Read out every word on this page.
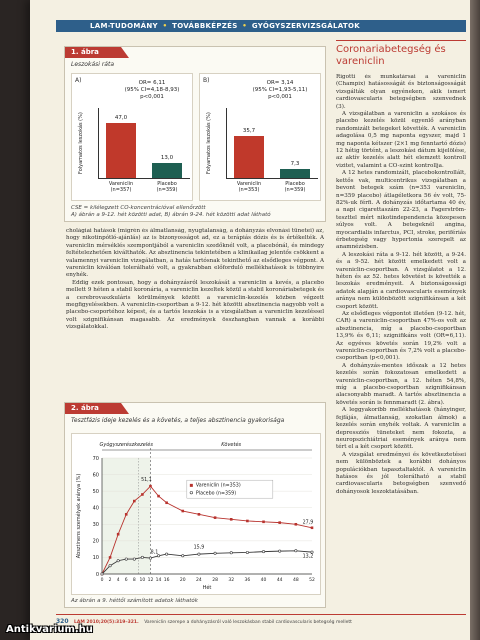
LAM-TUDOMÁNY • TOVÁBBKÉPZÉS • GYÓGYSZERVIZSGÁLATOK
1. ábra
Leszokási ráta
A)	OR= 6,11
(95% CI=4,18-8,93)
p<0,001
Folyamatos leszokás (%)	47,0
13,0
Vareniclin
(n=357)
Placebo
(n=359)
B)	OR= 3,14
(95% CI=1,93-5,11)
p<0,001
Folyamatos leszokás (%)	35,7
7,3
Vareniclin
(n=353)
Placebo
(n=359)
CSE = kilélegzett CO-koncentrációval ellenőrzött
A) ábrán a 9-12. hét közötti adat, B) ábrán 9-24. hét közötti adat látható

cholágiai hatások (migrén és álmatlanság, nyugtalanság, a dohányzás elvonási tünetei) az, hogy nikotinpótló-ajánlás) az is bizonyosságot ad, ez a terápiás dózis és is értékelték. A vareniclin mérséklés szempontjából a vareniclin szedőknél volt, a placebónál, és mindegy feltételezhetően kiválthatók. Az absztinencia tekintetében a klinikailag jelentős csökkent a valamennyi vareniclin vizsgálatban, a hatás tartósnak tekinthető az elsődleges végpont. A vareniclin kiválóan tolerálható volt, a gyakrabban előforduló mellékhatások is többnyire enyhék.

Eddig ezek pontosan, hogy a dohányzásról leszokását a vareniclin a kevés, a placebo mellett 9 héten a stabil koronária, a vareniclin kezeltek közül a stabil koronáriabetegek és a cerebrovaszkuláris körülmények között a vareniclin-kezelés közben végzett megfigyelésekben. A vareniclin-csoportban a 9-12. hét közötti absztinencia nagyobb volt a placebo-csoportéhoz képest, és a tartós leszokás is a vizsgálatban a vareniclin kezeléssel volt szignifikánsan magasabb. Az eredmények összhangban vannak a korábbi vizsgálatokkal.

2. ábra
Tesztfázis ideje kezelés és a követés, a teljes absztinencia gyakorisága
Gyógyszerészkezelés	Követés
0
10
20
30
40
50
60
70
0 2 4 6 8 10 12 14 16 20 24 28 32 36 40 44 48 52
Hét
Absztinens személyek aránya (%)	51,1
8,1
15,9
27,9
13,2
Vareniclin (n=353)
Placebo (n=359)
Az ábrán a 9. héttől számított adatok láthatók
Coronariabetegség és vareniclin

Rigotti és munkatársai a vareniclin (Champix) hatásosságát és biztonságosságát vizsgálták olyan egyéneken, akik ismert cardiovascularis betegségben szenvednek (3).

A vizsgálatban a vareniclin a szokásos és placebo kezelés közül egyenlő arányban randomizált betegeket követték. A vareniclin adagolása 0,5 mg naponta egyszer, majd 1 mg naponta kétszer (2×1 mg fenntartó dózis) 12 hétig történt, a leszokási dátum kijelölése, az aktív kezelés alatt hét elemzett kontroll vizitet, valamint a CO-szint kontrollja.

A 12 hetes randomizált, placebokontrollált, kettős vak, multicentrikus vizsgálatban a bevont betegek szám (n=353 vareniclin, n=359 placebo) átlagéletkora 56 év volt, 75-82%-uk férfi. A dohányzás időtartama 40 év, a napi cigarettaszám 22-23, a Fagerström-teszttel mért nikotindependencia közepesen súlyos volt. A betegeknél angina, myocardialis infarctus, PCI, stroke, perifériás érbetegség vagy hypertonia szerepelt az anamnézisben.

A leszokási ráta a 9-12. hét között, a 9-24. és a 9-52. hét között emelkedett volt a vareniclin-csoportban. A vizsgálatot a 12. héten és az 52. hetes követést is követték a leszokás eredményeit. A biztonságossági adatok alapján a cardiovascularis események aránya nem különbözött szignifikánsan a két csoport között.

Az elsődleges végpontot illetően (9-12. hét, CAR) a vareniclin-csoportban 47%-os volt az absztinencia, míg a placebo-csoportban 13,9% és 6,11; szignifikáns volt (OR=6,11). Az egyéves követés során 19,2% volt a vareniclin-csoportban és 7,2% volt a placebo-csoportban (p<0,001).

A dohányzás-mentes időszak a 12 hetes kezelés során fokozatosan emelkedett a vareniclin-csoportban, a 12. héten 54,8%, míg a placebo-csoportban szignifikánsan alacsonyabb maradt. A tartós absztinencia a követés során is fennmaradt (2. ábra).

A leggyakoribb mellékhatások (hányinger, fejfájás, álmatlanság, szokatlan álmok) a kezelés során enyhék voltak. A vareniclin a depressziós tüneteket nem fokozta, a neuropszichiátriai események aránya nem tért el a két csoport között.

A vizsgálat eredményei és következtetései nem különböztek a korábbi dohányos populációkban tapasztaltaktól. A vareniclin hatásos és jól tolerálható a stabil cardiovascularis betegségben szenvedő dohányosok leszoktatásában.

320 LAM 2010;20(5):319–321. Vareniclin szerepe a dohányzásról való leszokásban stabil cardiovascularis betegség mellett
Antikvarium.hu
